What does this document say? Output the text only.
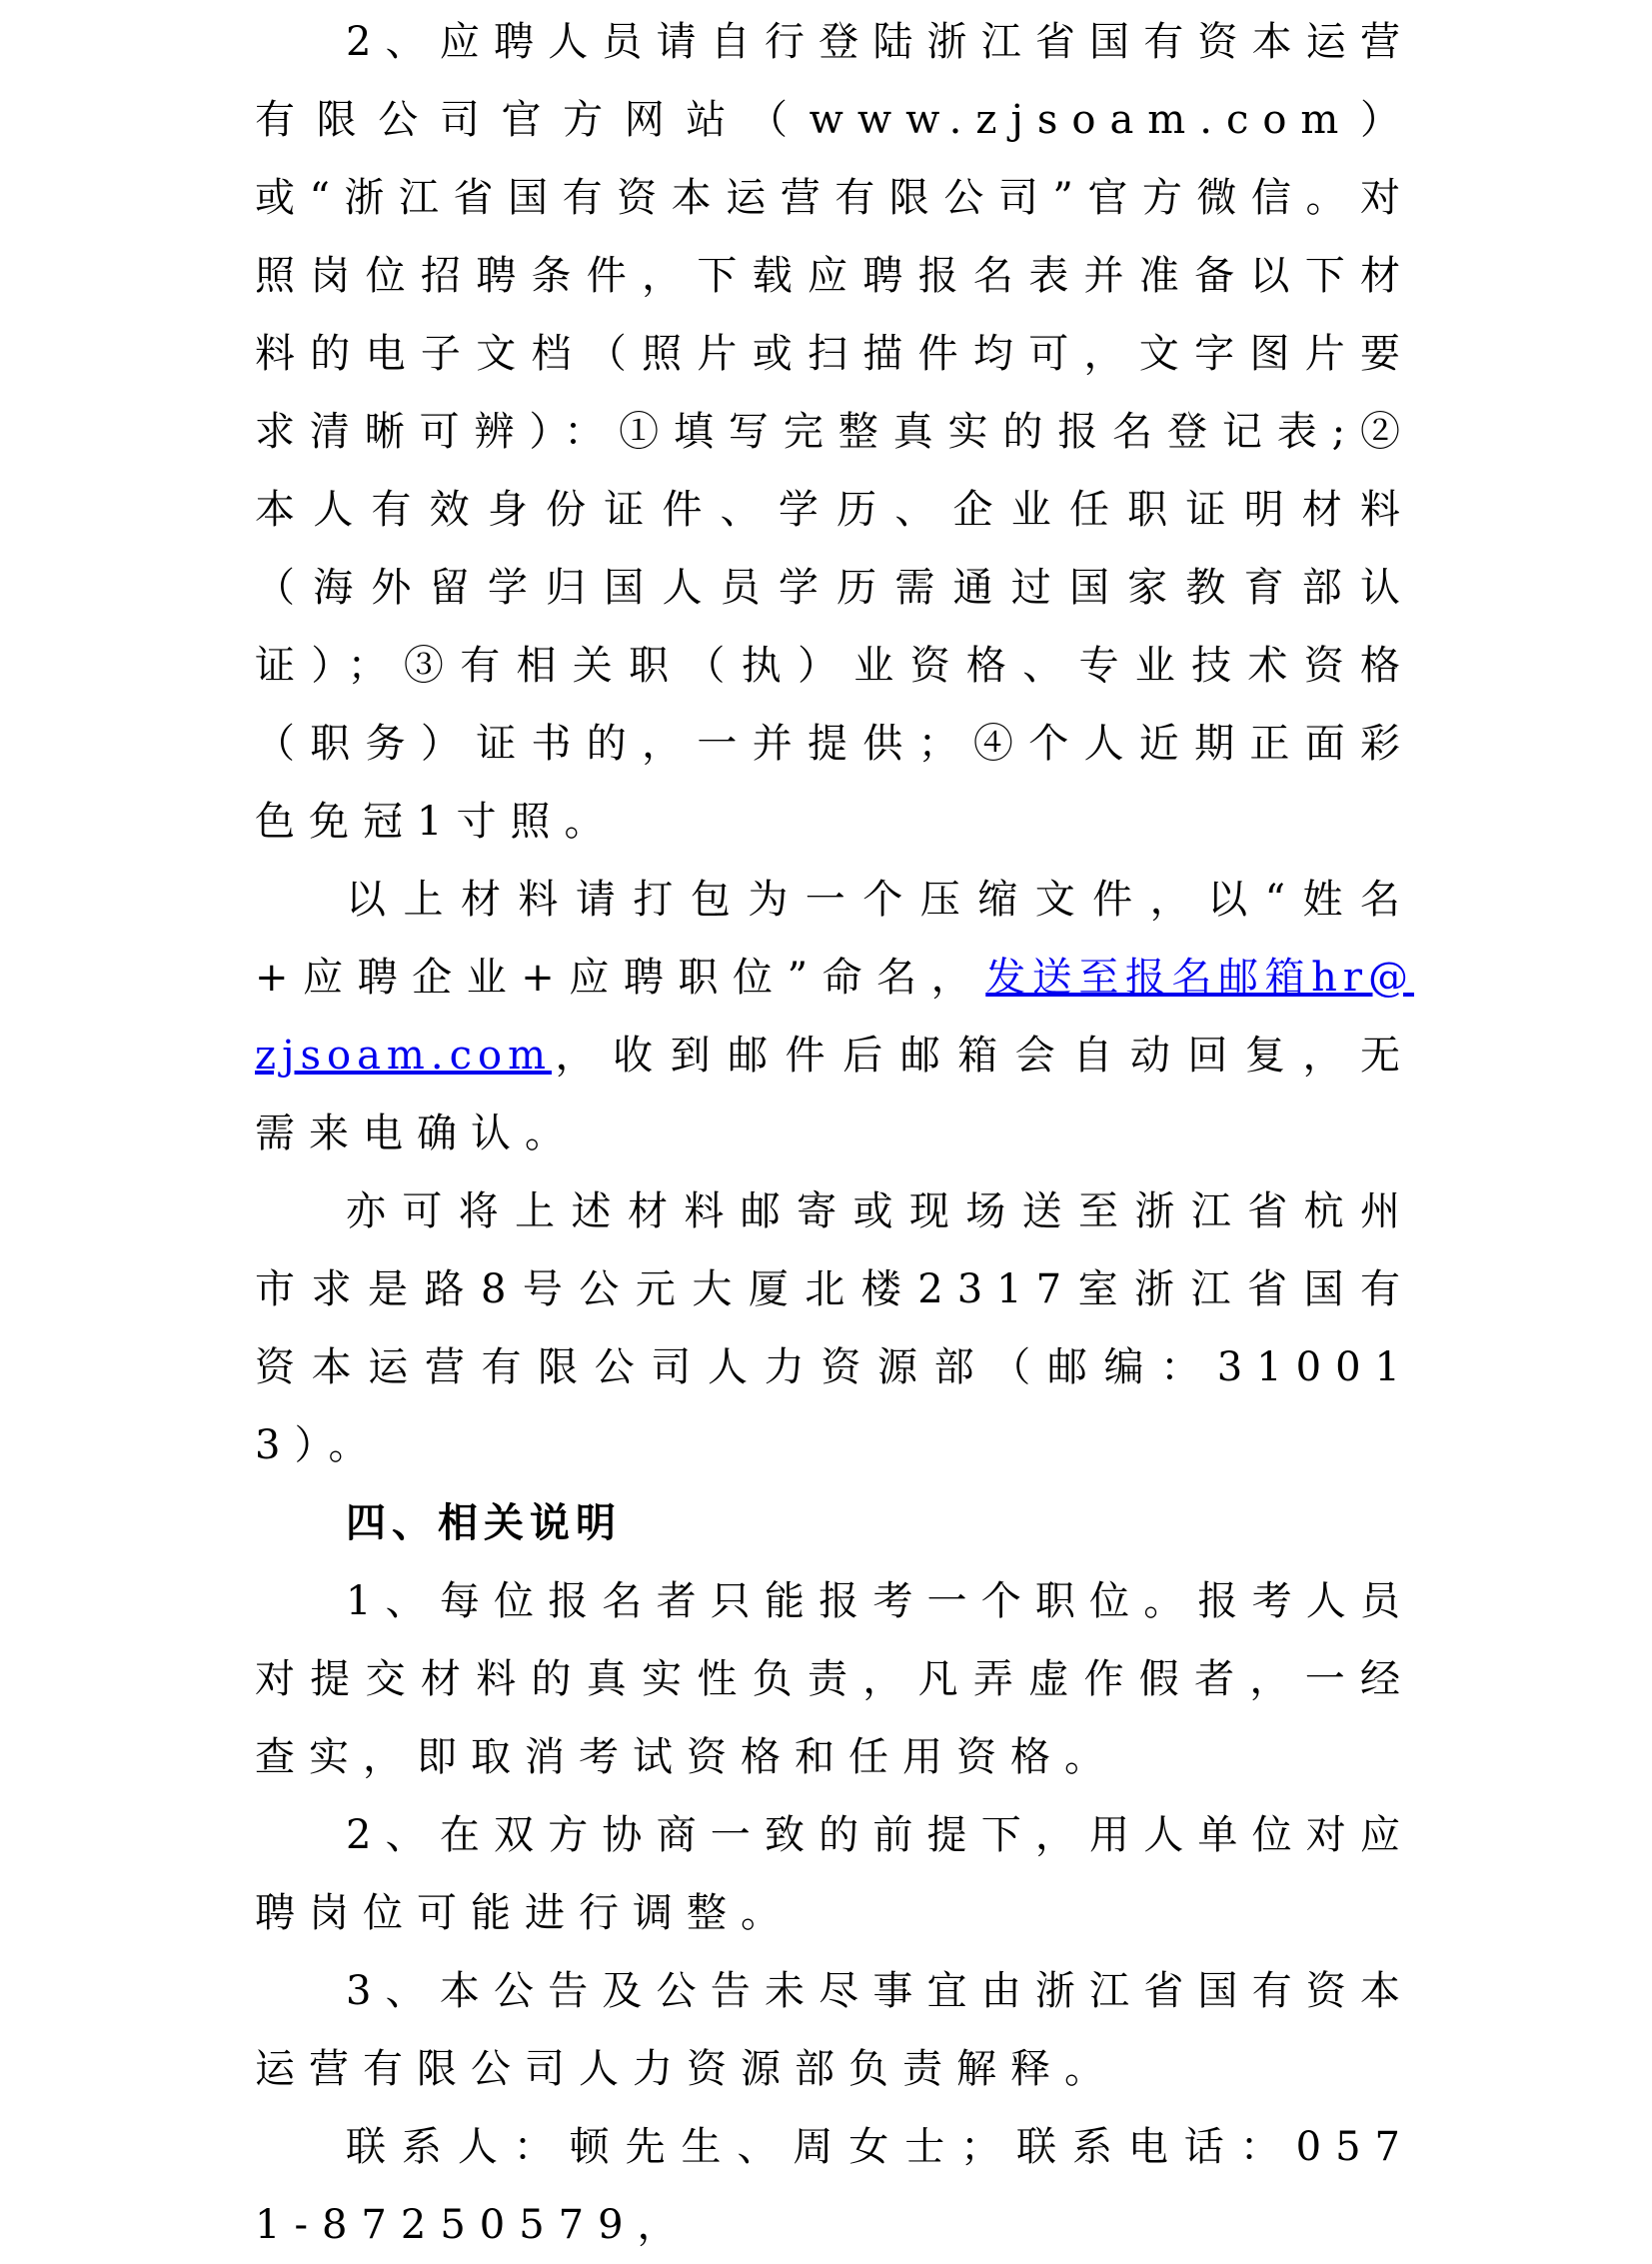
2、应聘人员请自行登陆浙江省国有资本运营有限公司官方网站（www.zjsoam.com）或“浙江省国有资本运营有限公司”官方微信。对照岗位招聘条件，下载应聘报名表并准备以下材料的电子文档（照片或扫描件均可，文字图片要求清晰可辨）：①填写完整真实的报名登记表;②本人有效身份证件、学历、企业任职证明材料（海外留学归国人员学历需通过国家教育部认证）；③有相关职（执）业资格、专业技术资格（职务）证书的，一并提供；④个人近期正面彩色免冠1寸照。

以上材料请打包为一个压缩文件，以“姓名+应聘企业+应聘职位”命名，发送至报名邮箱hr@zjsoam.com，收到邮件后邮箱会自动回复，无需来电确认。

亦可将上述材料邮寄或现场送至浙江省杭州市求是路8号公元大厦北楼2317室浙江省国有资本运营有限公司人力资源部（邮编：310013）。

四、相关说明

1、每位报名者只能报考一个职位。报考人员对提交材料的真实性负责，凡弄虚作假者，一经查实，即取消考试资格和任用资格。

2、在双方协商一致的前提下，用人单位对应聘岗位可能进行调整。

3、本公告及公告未尽事宜由浙江省国有资本运营有限公司人力资源部负责解释。

联系人：顿先生、周女士；联系电话：0571-87250579，
